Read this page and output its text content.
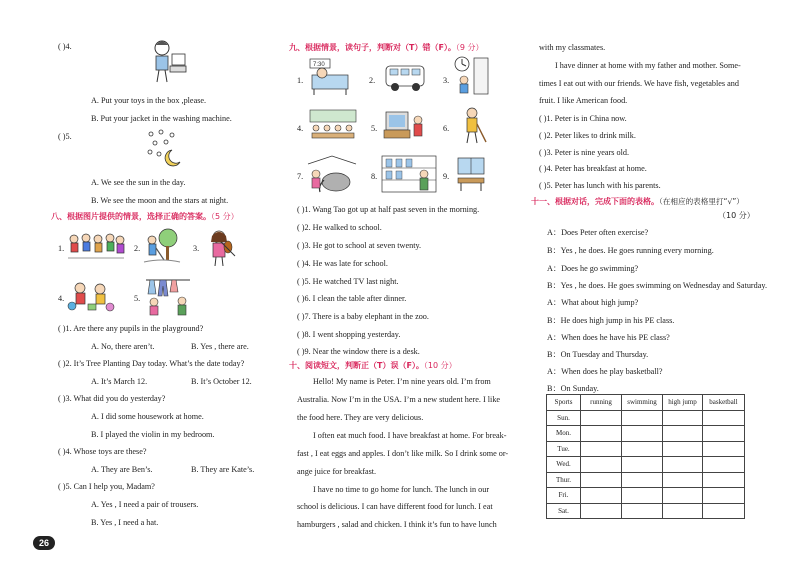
( )4.
A. Put your toys in the box ,please.
B. Put your jacket in the washing machine.
( )5.
A. We see the sun in the day.
B. We see the moon and the stars at night.
八、根据图片提供的情景，选择正确的答案。（5 分）
1.	2.	3.
4.	5.
( )1. Are there any pupils in the playground?
A. No, there aren’t.	B. Yes , there are.
( )2. It’s Tree Planting Day today. What’s the date today?
A. It’s March 12.	B. It’s October 12.
( )3. What did you do yesterday?
A. I did some housework at home.
B. I played the violin in my bedroom.
( )4. Whose toys are these?
A. They are Ben’s.	B. They are Kate’s.
( )5. Can I help you, Madam?
A. Yes , I need a pair of trousers.
B. Yes , I need a hat.
26
九、根据情景，读句子，判断对（T）错（F）。（9 分）
1.
7:30
2.	3.
4.	5.	6.
7.	8.	9.
( )1. Wang Tao got up at half past seven in the morning.
( )2. He walked to school.
( )3. He got to school at seven twenty.
( )4. He was late for school.
( )5. He watched TV last night.
( )6. I clean the table after dinner.
( )7. There is a baby elephant in the zoo.
( )8. I went shopping yesterday.
( )9. Near the window there is a desk.
十、阅读短文，判断正（T）误（F）。（10 分）
Hello! My name is Peter. I’m nine years old. I’m from
Australia. Now I’m in the USA. I’m a new student here. I like
the food here. They are very delicious.
I often eat much food. I have breakfast at home. For break-
fast , I eat eggs and apples. I don’t like milk. So I drink some or-
ange juice for breakfast.
I have no time to go home for lunch. The lunch in our
school is delicious. I can have different food for lunch. I eat
hamburgers , salad and chicken. I think it’s fun to have lunch
with my classmates.
I have dinner at home with my father and mother. Some-
times I eat out with our friends. We have fish, vegetables and
fruit. I like American food.
( )1. Peter is in China now.
( )2. Peter likes to drink milk.
( )3. Peter is nine years old.
( )4. Peter has breakfast at home.
( )5. Peter has lunch with his parents.
十一、根据对话，完成下面的表格。（在相应的表格里打“√”）
（10 分）
A：Does Peter often exercise?
B：Yes , he does. He goes running every morning.
A：Does he go swimming?
B：Yes , he does. He goes swimming on Wednesday and Saturday.
A：What about high jump?
B：He does high jump in his PE class.
A：When does he have his PE class?
B：On Tuesday and Thursday.
A：When does he play basketball?
B：On Sunday.
Sports	running	swimming	high jump	basketball
Sun.				
Mon.				
Tue.				
Wed.				
Thur.				
Fri.				
Sat.				
